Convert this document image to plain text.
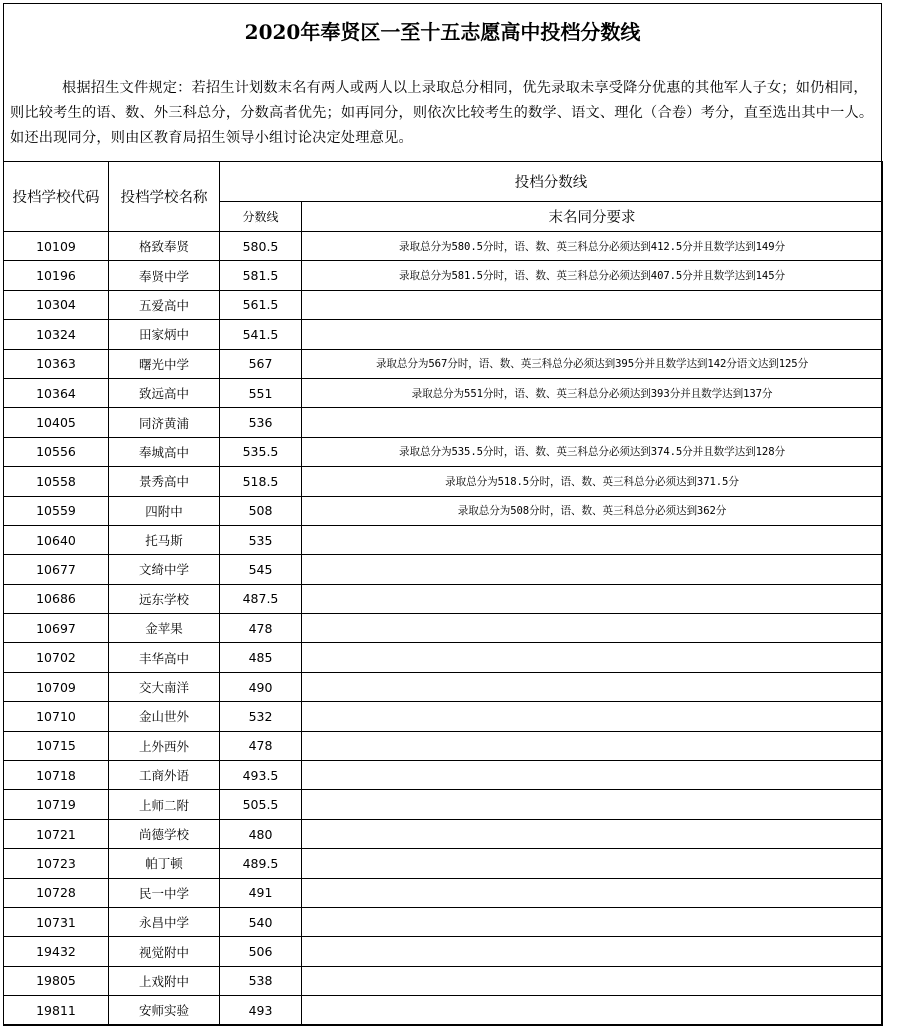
2020年奉贤区一至十五志愿高中投档分数线

根据招生文件规定：若招生计划数末名有两人或两人以上录取总分相同，优先录取未享受降分优惠的其他军人子女；如仍相同，则比较考生的语、数、外三科总分，分数高者优先；如再同分，则依次比较考生的数学、语文、理化（合卷）考分，直至选出其中一人。如还出现同分，则由区教育局招生领导小组讨论决定处理意见。

投档学校代码	投档学校名称	投档分数线	
		分数线	末名同分要求
10109	格致奉贤	580.5	录取总分为580.5分时，语、数、英三科总分必须达到412.5分并且数学达到149分
10196	奉贤中学	581.5	录取总分为581.5分时，语、数、英三科总分必须达到407.5分并且数学达到145分
10304	五爱高中	561.5	
10324	田家炳中	541.5	
10363	曙光中学	567	录取总分为567分时，语、数、英三科总分必须达到395分并且数学达到142分语文达到125分
10364	致远高中	551	录取总分为551分时，语、数、英三科总分必须达到393分并且数学达到137分
10405	同济黄浦	536	
10556	奉城高中	535.5	录取总分为535.5分时，语、数、英三科总分必须达到374.5分并且数学达到128分
10558	景秀高中	518.5	录取总分为518.5分时，语、数、英三科总分必须达到371.5分
10559	四附中	508	录取总分为508分时，语、数、英三科总分必须达到362分
10640	托马斯	535	
10677	文绮中学	545	
10686	远东学校	487.5	
10697	金苹果	478	
10702	丰华高中	485	
10709	交大南洋	490	
10710	金山世外	532	
10715	上外西外	478	
10718	工商外语	493.5	
10719	上师二附	505.5	
10721	尚德学校	480	
10723	帕丁顿	489.5	
10728	民一中学	491	
10731	永昌中学	540	
19432	视觉附中	506	
19805	上戏附中	538	
19811	安师实验	493	
